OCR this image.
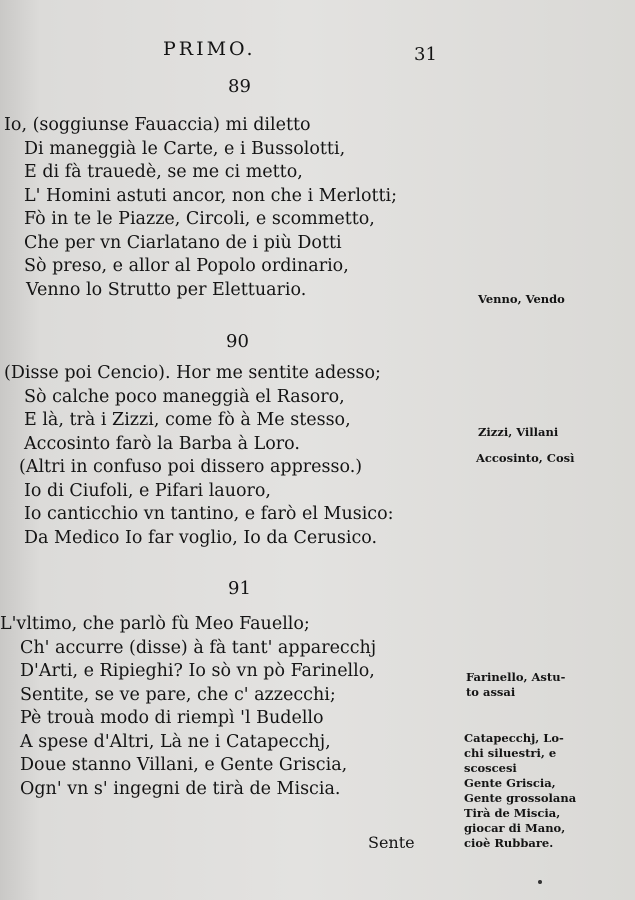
PRIMO.	31
89
Io, (soggiunse Fauaccia) mi diletto
Di maneggià le Carte, e i Bussolotti,
E di fà trauedè, se me ci metto,
L' Homini astuti ancor, non che i Merlotti;
Fò in te le Piazze, Circoli, e scommetto,
Che per vn Ciarlatano de i più Dotti
Sò preso, e allor al Popolo ordinario,
Venno lo Strutto per Elettuario.	Venno, Vendo
90
(Disse poi Cencio). Hor me sentite adesso;
Sò calche poco maneggià el Rasoro,
E là, trà i Zizzi, come fò à Me stesso,
Accosinto farò la Barba à Loro.
(Altri in confuso poi dissero appresso.)
Io di Ciufoli, e Pifari lauoro,
Io canticchio vn tantino, e farò el Musico:
Da Medico Io far voglio, Io da Cerusico.
Zizzi, Villani
Accosinto, Così
91
L'vltimo, che parlò fù Meo Fauello;
Ch' accurre (disse) à fà tant' apparecchj
D'Arti, e Ripieghi? Io sò vn pò Farinello,
Sentite, se ve pare, che c' azzecchi;
Pè trouà modo di riempì 'l Budello
A spese d'Altri, Là ne i Catapecchj,
Doue stanno Villani, e Gente Griscia,
Ogn' vn s' ingegni de tirà de Miscia.
Farinello, Astu-
to assai
Catapecchj, Lo-
chi siluestri, e
scoscesi
Gente Griscia,
Gente grossolana
Tirà de Miscia,
giocar di Mano,
cioè Rubbare.
Sente
